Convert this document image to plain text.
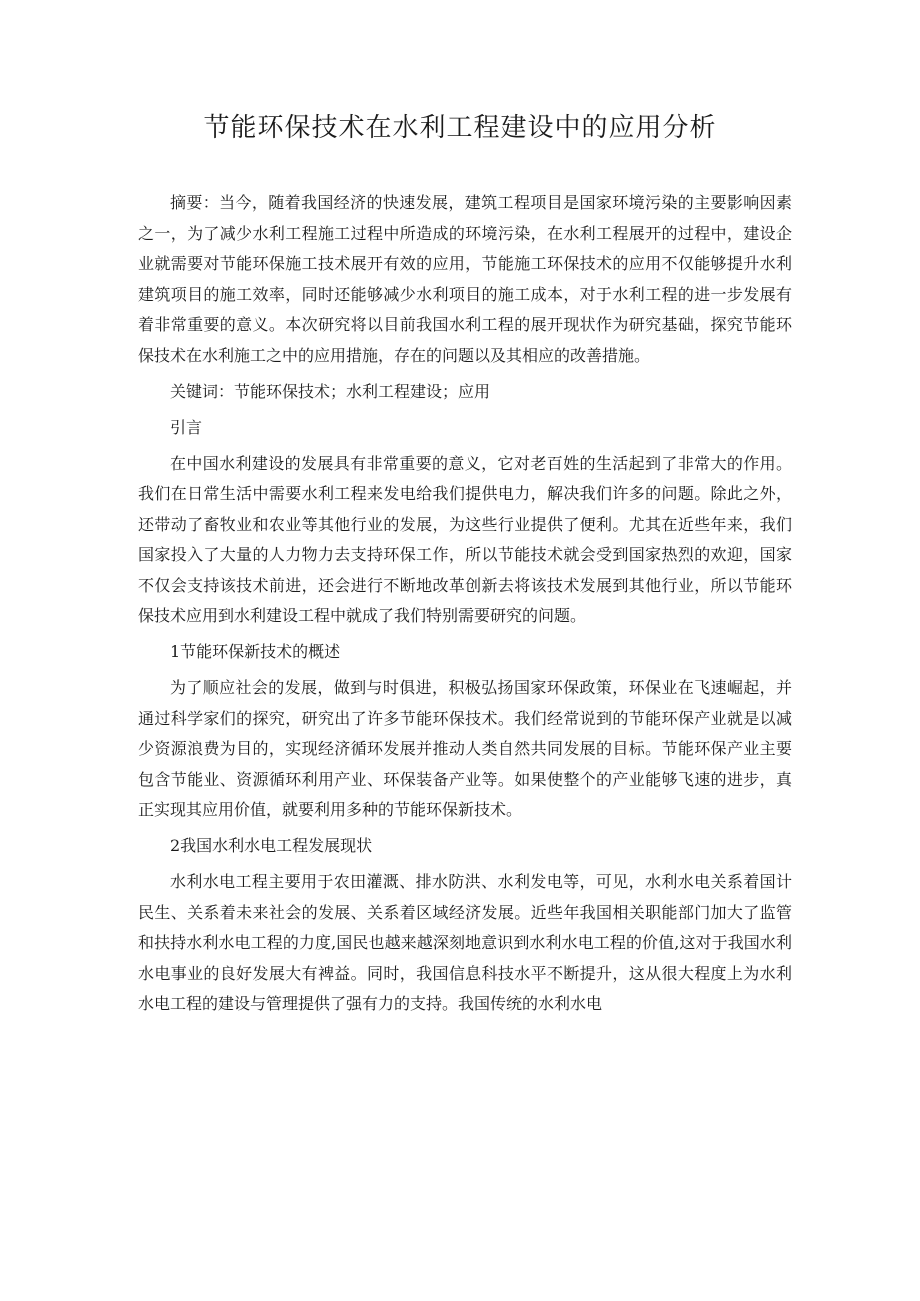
节能环保技术在水利工程建设中的应用分析

摘要：当今，随着我国经济的快速发展，建筑工程项目是国家环境污染的主要影响因素之一，为了减少水利工程施工过程中所造成的环境污染，在水利工程展开的过程中，建设企业就需要对节能环保施工技术展开有效的应用，节能施工环保技术的应用不仅能够提升水利建筑项目的施工效率，同时还能够减少水利项目的施工成本，对于水利工程的进一步发展有着非常重要的意义。本次研究将以目前我国水利工程的展开现状作为研究基础，探究节能环保技术在水利施工之中的应用措施，存在的问题以及其相应的改善措施。

关键词：节能环保技术；水利工程建设；应用

引言

在中国水利建设的发展具有非常重要的意义，它对老百姓的生活起到了非常大的作用。我们在日常生活中需要水利工程来发电给我们提供电力，解决我们许多的问题。除此之外，还带动了畜牧业和农业等其他行业的发展，为这些行业提供了便利。尤其在近些年来，我们国家投入了大量的人力物力去支持环保工作，所以节能技术就会受到国家热烈的欢迎，国家不仅会支持该技术前进，还会进行不断地改革创新去将该技术发展到其他行业，所以节能环保技术应用到水利建设工程中就成了我们特别需要研究的问题。

1节能环保新技术的概述

为了顺应社会的发展，做到与时俱进，积极弘扬国家环保政策，环保业在飞速崛起，并通过科学家们的探究，研究出了许多节能环保技术。我们经常说到的节能环保产业就是以减少资源浪费为目的，实现经济循环发展并推动人类自然共同发展的目标。节能环保产业主要包含节能业、资源循环利用产业、环保装备产业等。如果使整个的产业能够飞速的进步，真正实现其应用价值，就要利用多种的节能环保新技术。

2我国水利水电工程发展现状

水利水电工程主要用于农田灌溉、排水防洪、水利发电等，可见，水利水电关系着国计民生、关系着未来社会的发展、关系着区域经济发展。近些年我国相关职能部门加大了监管和扶持水利水电工程的力度,国民也越来越深刻地意识到水利水电工程的价值,这对于我国水利水电事业的良好发展大有裨益。同时，我国信息科技水平不断提升，这从很大程度上为水利水电工程的建设与管理提供了强有力的支持。我国传统的水利水电
